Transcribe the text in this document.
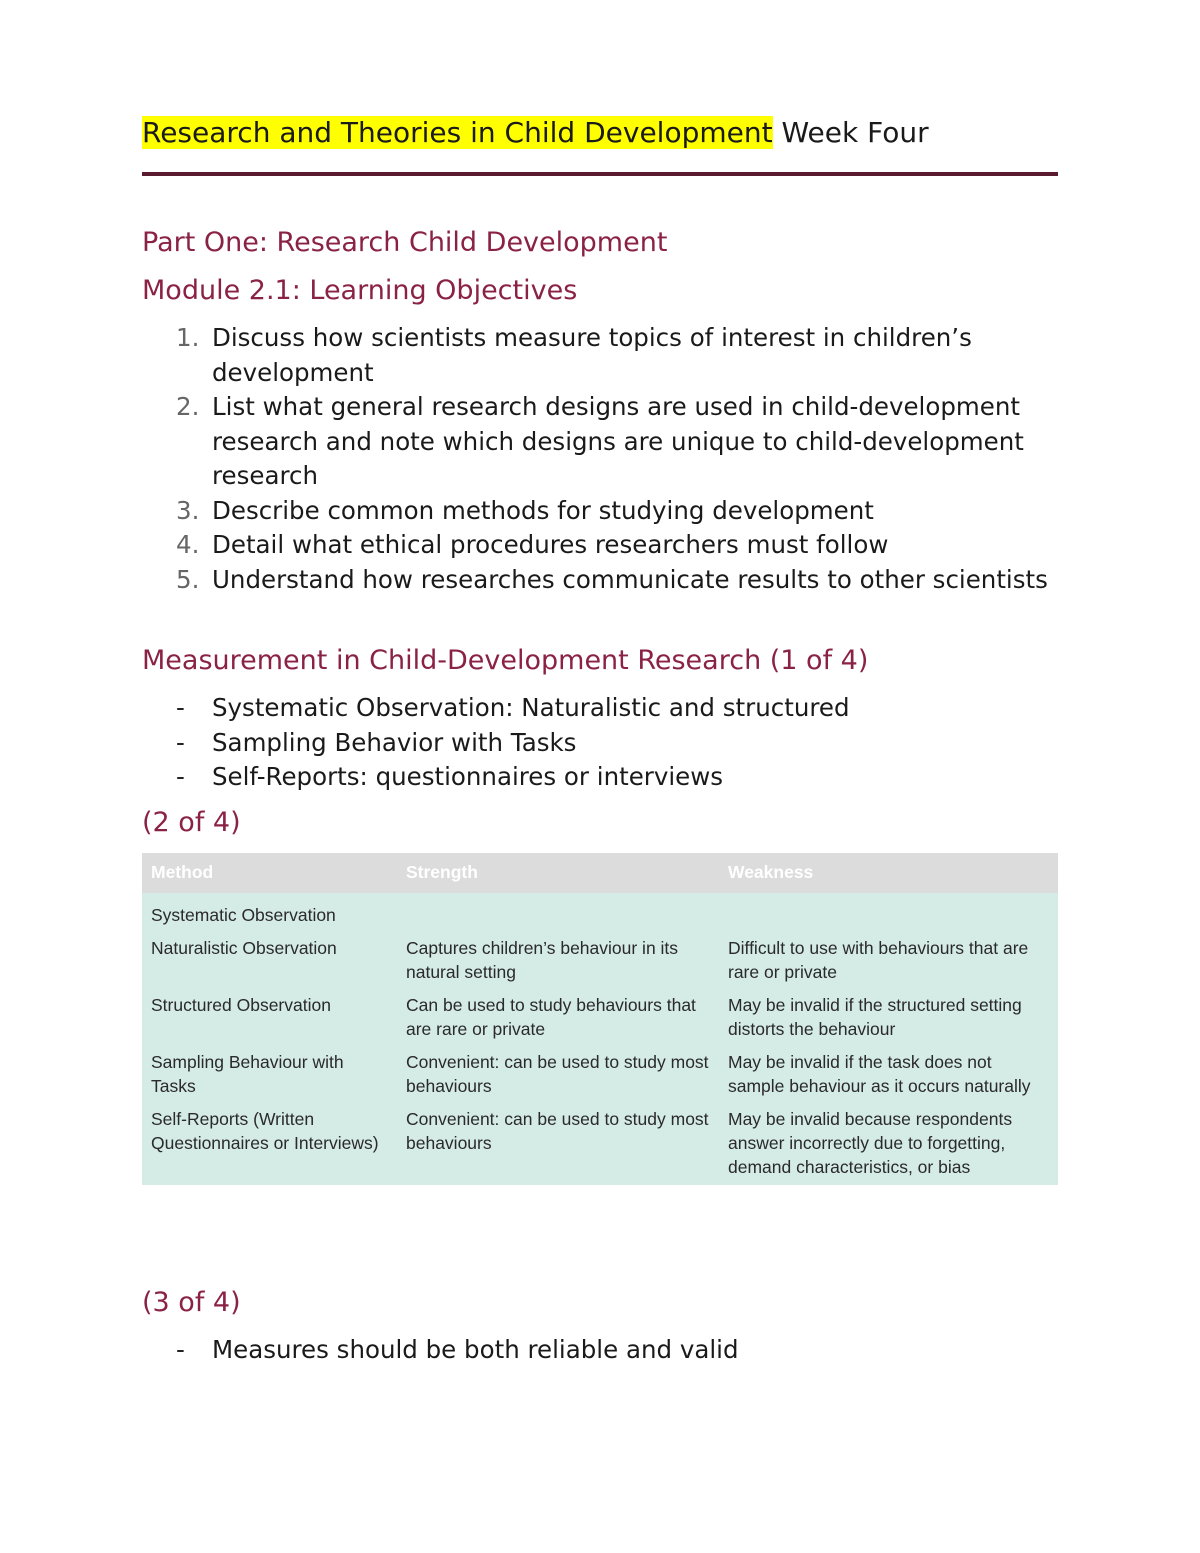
Research and Theories in Child Development Week Four
Part One: Research Child Development
Module 2.1: Learning Objectives
1. Discuss how scientists measure topics of interest in children’s development
2. List what general research designs are used in child-development research and note which designs are unique to child-development research
3. Describe common methods for studying development
4. Detail what ethical procedures researchers must follow
5. Understand how researches communicate results to other scientists
Measurement in Child-Development Research (1 of 4)
- Systematic Observation: Naturalistic and structured
- Sampling Behavior with Tasks
- Self-Reports: questionnaires or interviews
(2 of 4)
Method	Strength	Weakness
Systematic Observation		
Naturalistic Observation	Captures children’s behaviour in its natural setting	Difficult to use with behaviours that are rare or private
Structured Observation	Can be used to study behaviours that are rare or private	May be invalid if the structured setting distorts the behaviour
Sampling Behaviour with Tasks	Convenient: can be used to study most behaviours	May be invalid if the task does not sample behaviour as it occurs naturally
Self-Reports (Written Questionnaires or Interviews)	Convenient: can be used to study most behaviours	May be invalid because respondents answer incorrectly due to forgetting, demand characteristics, or bias
(3 of 4)
- Measures should be both reliable and valid
